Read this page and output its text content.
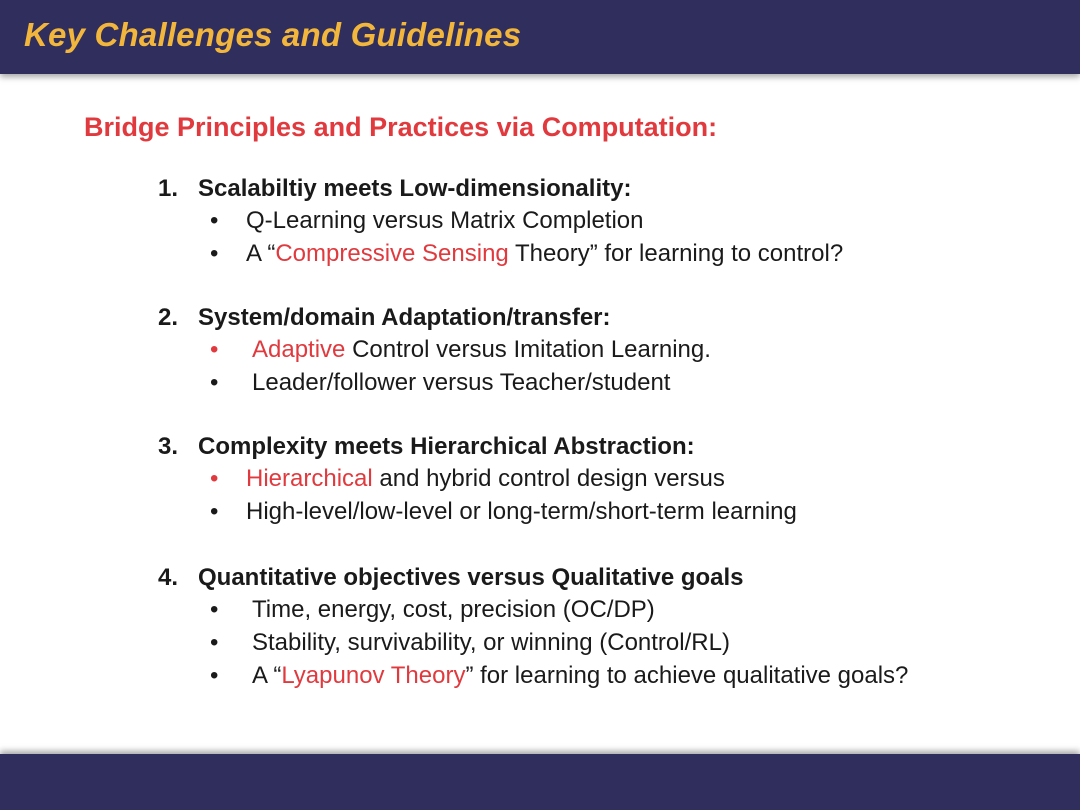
Key Challenges and Guidelines
Bridge Principles and Practices via Computation:
1. Scalabiltiy meets Low-dimensionality:
• Q-Learning versus Matrix Completion
• A “Compressive Sensing Theory” for learning to control?
2. System/domain Adaptation/transfer:
• Adaptive Control versus Imitation Learning.
• Leader/follower versus Teacher/student
3. Complexity meets Hierarchical Abstraction:
• Hierarchical and hybrid control design versus
• High-level/low-level or long-term/short-term learning
4. Quantitative objectives versus Qualitative goals
• Time, energy, cost, precision (OC/DP)
• Stability, survivability, or winning (Control/RL)
• A “Lyapunov Theory” for learning to achieve qualitative goals?
